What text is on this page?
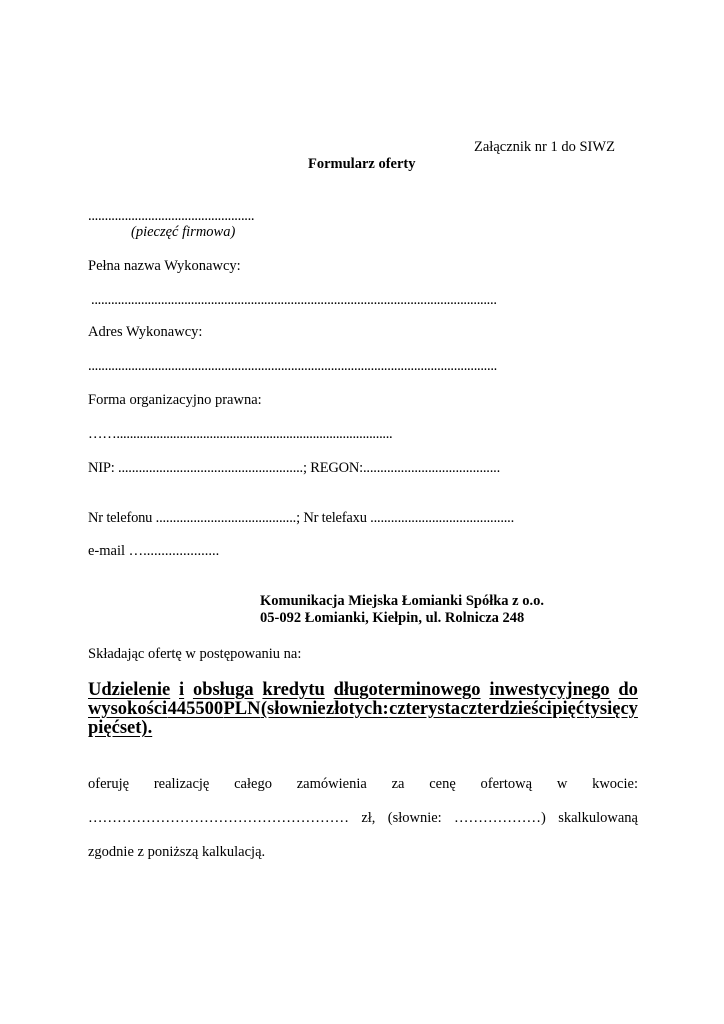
Załącznik nr 1 do SIWZ
Formularz oferty
..................................................
(pieczęć firmowa)
Pełna nazwa Wykonawcy:
..........................................................................................................................
Adres Wykonawcy:
...........................................................................................................................
Forma organizacyjno prawna:
……...................................................................................
NIP: ......................................................; REGON:........................................
Nr telefonu .........................................; Nr telefaxu ..........................................
e-mail ….....................
Komunikacja Miejska Łomianki Spółka z o.o.
05-092 Łomianki, Kiełpin, ul. Rolnicza 248
Składając ofertę w postępowaniu na:
Udzielenie i obsługa kredytu długoterminowego inwestycyjnego do
wysokości 445500 PLN (słownie złotych: czterysta czterdzieści pięć tysięcy
pięćset).
oferuję realizację całego zamówienia za cenę ofertową w kwocie:
……………………………………………… zł, (słownie: ………………) skalkulowaną
zgodnie z poniższą kalkulacją.
